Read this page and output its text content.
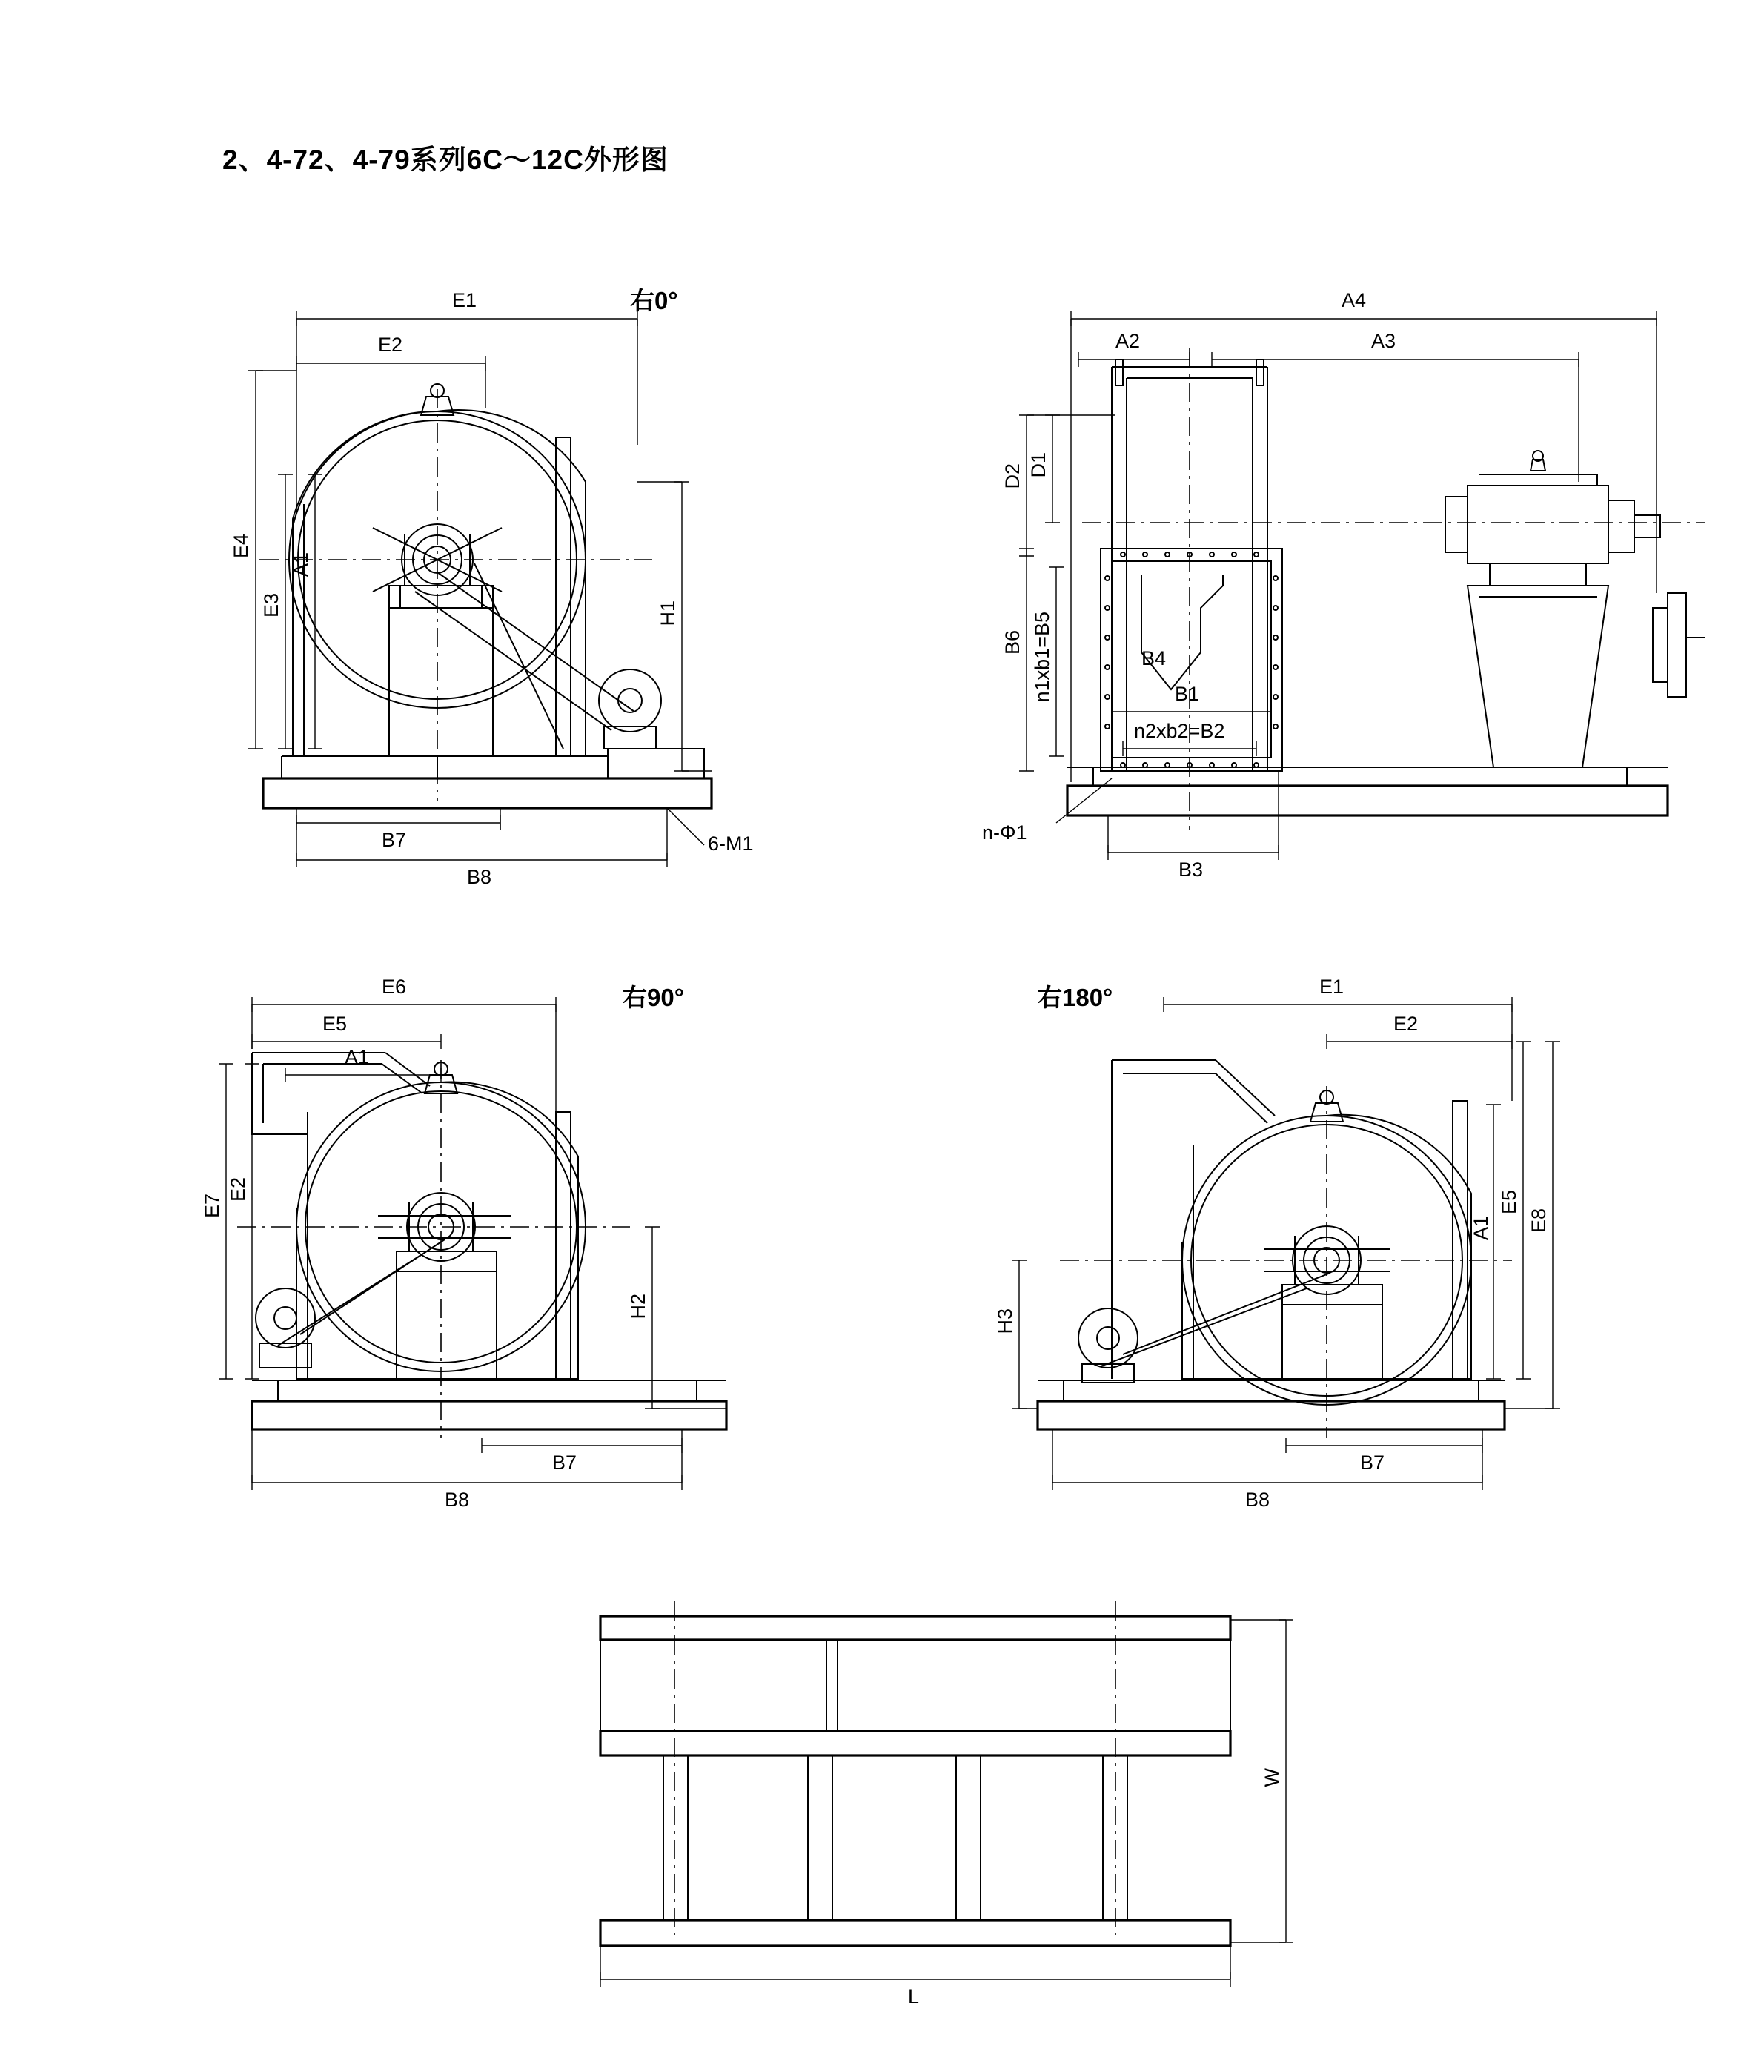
2、4-72、4-79系列6C～12C外形图
右0°
E1
E2
E4
A1
E3	H1
B7
B8
6-M1
A4
A2	A3
D2 D1
B6 n1xb1=B5	B4
B1
n2xb2=B2
n-Φ1
B3
右90°
E6
E5
A1
E2
E7
H2
B7
B8
右180°	E1
E2
A1
E5
E8
H3
B7
B8
W
L
